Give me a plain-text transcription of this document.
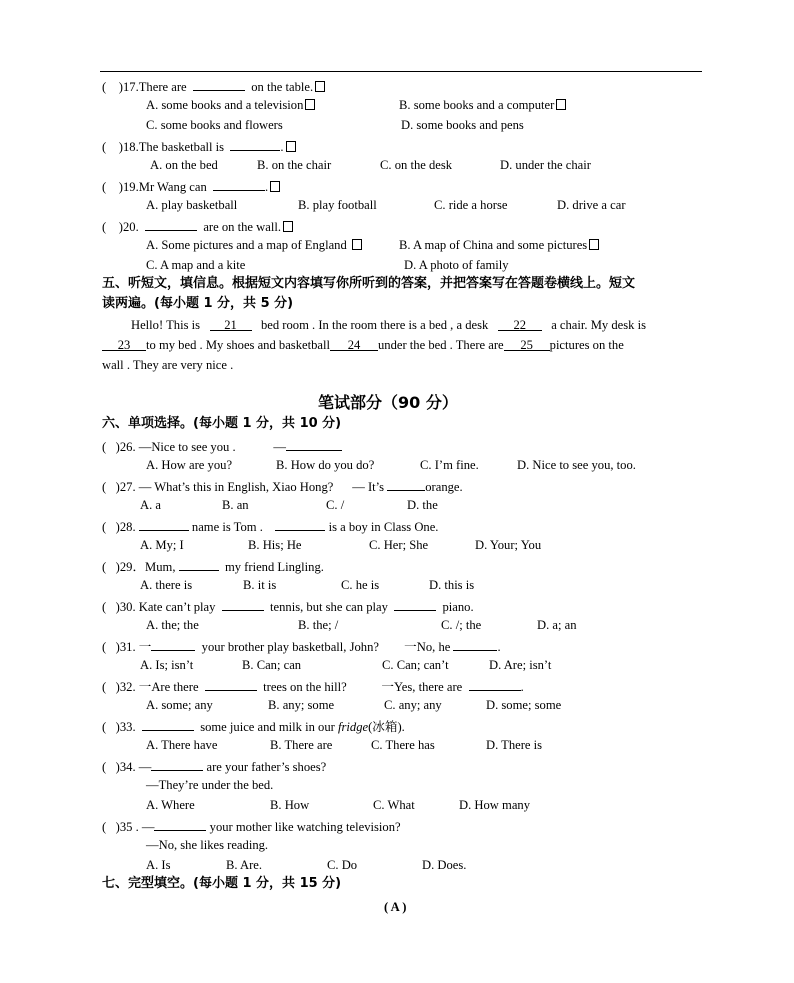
(    )17.There are	on the table.
A. some books and a television	B. some books and a computer
C. some books and flowers	D. some books and pens
(    )18.The basketball is	.
A. on the bed	B. on the chair	C. on the desk	D. under the chair
(    )19.Mr Wang can	.
A. play basketball	B. play football	C. ride a horse	D. drive a car
(    )20.	are on the wall.
A. Some pictures and a map of England	B. A map of China and some pictures
C. A map and a kite	D. A photo of family
五、听短文，填信息。根据短文内容填写你所听到的答案，并把答案写在答题卷横线上。短文
读两遍。(每小题 1 分，共 5 分)
Hello! This is 21 bed room . In the room there is a bed , a desk 22 a chair. My desk is
23 to my bed . My shoes and basketball 24 under the bed . There are 25 pictures on the
wall . They are very nice .
笔试部分（90 分）
六、单项选择。(每小题 1 分，共 10 分)
( )26. —Nice to see you .	—
A. How are you?	B. How do you do?	C. I’m fine.	D. Nice to see you, too.
( )27. — What’s this in English, Xiao Hong? — It’s	orange.
A. a	B. an	C. /	D. the
( )28.	name is Tom .	is a boy in Class One.
A. My; I	B. His; He	C. Her; She	D. Your; You
( )29．Mum,	my friend Lingling.
A. there is	B. it is	C. he is	D. this is
( )30. Kate can’t play	tennis, but she can play	piano.
A. the; the	B. the; /	C. /; the	D. a; an
( )31. 一	your brother play basketball, John? 一No, he	.
A. Is; isn’t	B. Can; can	C. Can; can’t	D. Are; isn’t
( )32. 一Are there	trees on the hill?	一Yes, there are	.
A. some; any	B. any; some	C. any; any	D. some; some
( )33.	some juice and milk in our fridge(冰箱).
A. There have	B. There are	C. There has	D. There is
( )34. —	are your father’s shoes?
—They’re under the bed.
A. Where	B. How	C. What	D. How many
( )35 . —	your mother like watching television?
—No, she likes reading.
A. Is	B. Are.	C. Do	D. Does.
七、完型填空。(每小题 1 分，共 15 分)
( A )
